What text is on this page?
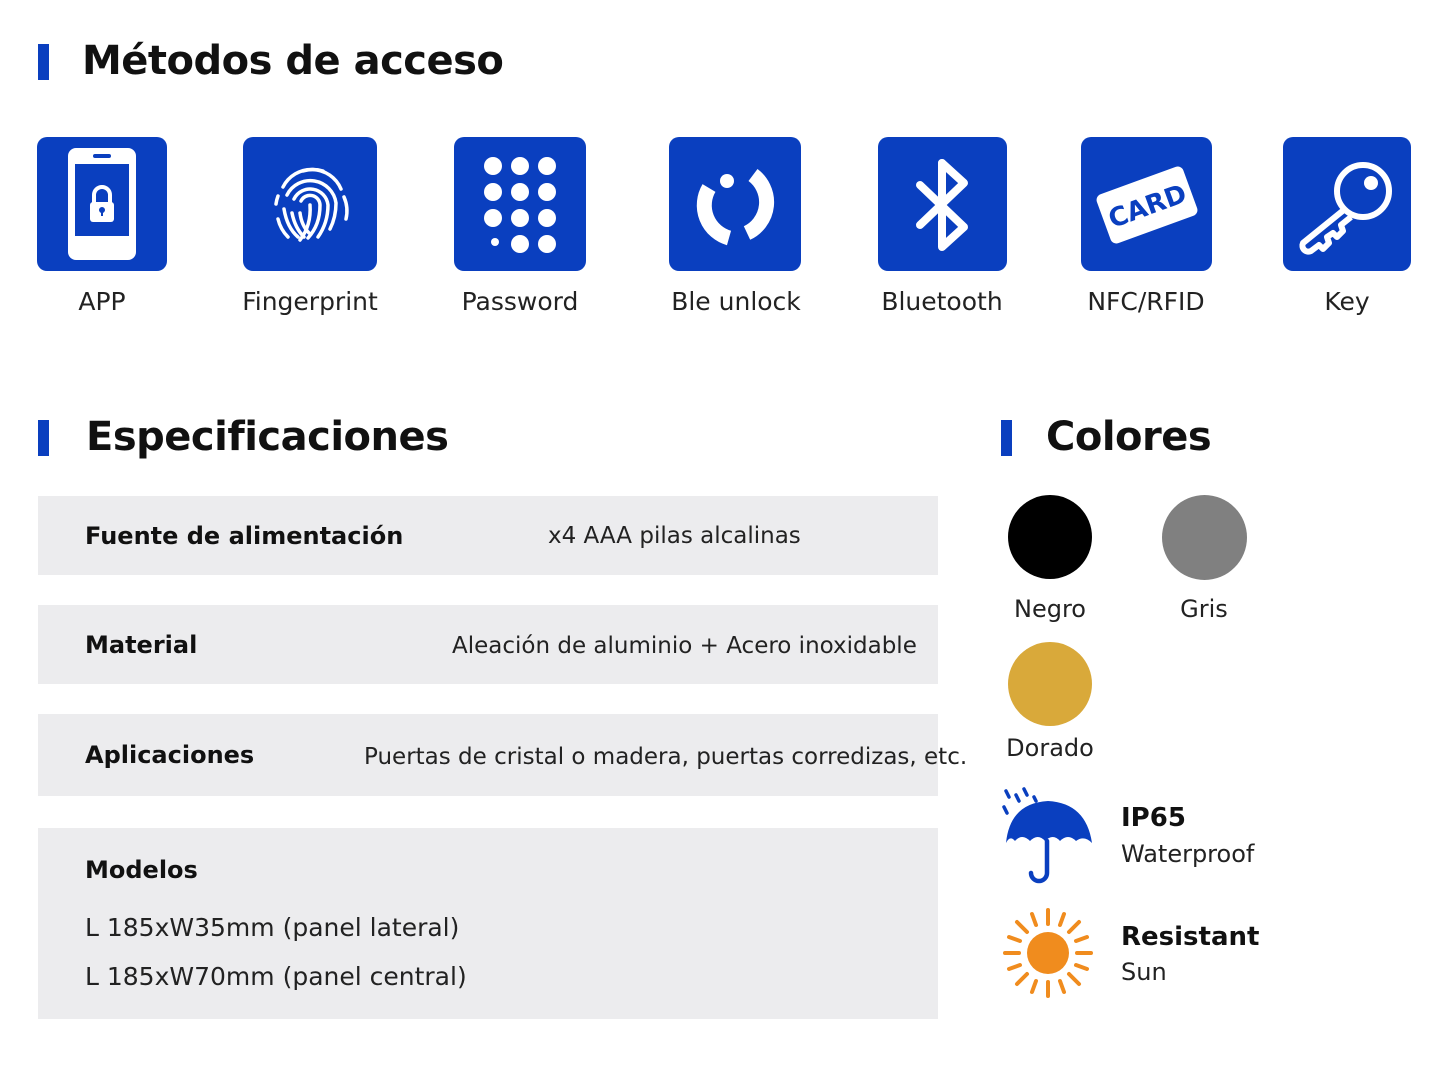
Métodos de acceso
APP	Fingerprint	Password	Ble unlock	Bluetooth
CARD
NFC/RFID	Key
Especificaciones
Fuente de alimentación	x4 AAA pilas alcalinas
Material	Aleación de aluminio + Acero inoxidable
Aplicaciones	Puertas de cristal o madera, puertas corredizas, etc.
Modelos
L 185xW35mm (panel lateral)
L 185xW70mm (panel central)
Colores
Negro	Gris
Dorado
IP65
Waterproof
Resistant
Sun
